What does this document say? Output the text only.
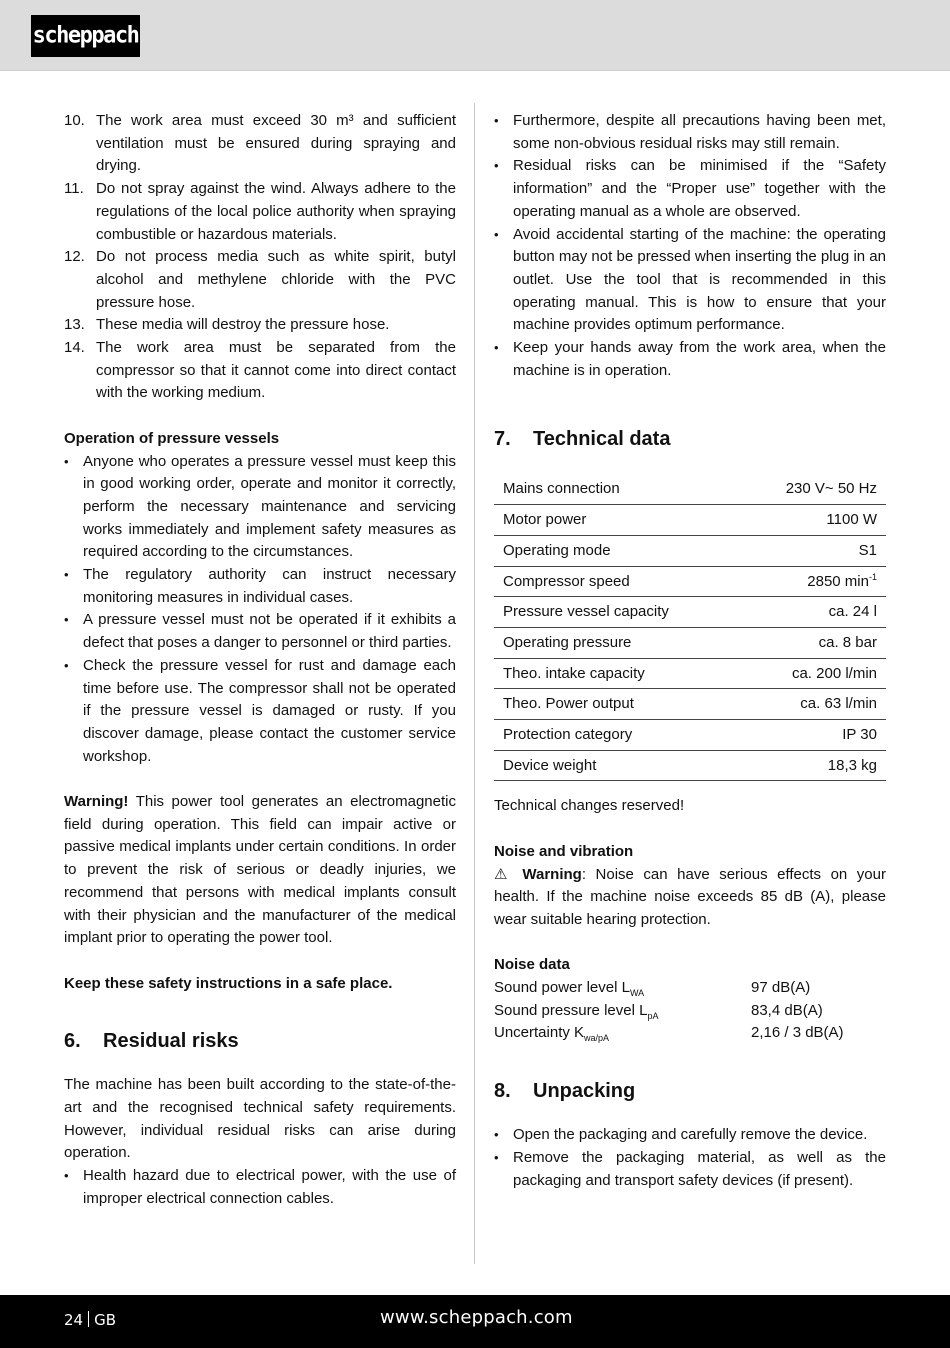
scheppach
10. The work area must exceed 30 m³ and sufficient ventilation must be ensured during spraying and drying.
11. Do not spray against the wind. Always adhere to the regulations of the local police authority when spraying combustible or hazardous materials.
12. Do not process media such as white spirit, butyl alcohol and methylene chloride with the PVC pressure hose.
13. These media will destroy the pressure hose.
14. The work area must be separated from the compressor so that it cannot come into direct contact with the working medium.
Operation of pressure vessels
• Anyone who operates a pressure vessel must keep this in good working order, operate and monitor it correctly, perform the necessary maintenance and servicing works immediately and implement safety measures as required according to the circumstances.
• The regulatory authority can instruct necessary monitoring measures in individual cases.
• A pressure vessel must not be operated if it exhibits a defect that poses a danger to personnel or third parties.
• Check the pressure vessel for rust and damage each time before use. The compressor shall not be operated if the pressure vessel is damaged or rusty. If you discover damage, please contact the customer service workshop.

Warning! This power tool generates an electromagnetic field during operation. This field can impair active or passive medical implants under certain conditions. In order to prevent the risk of serious or deadly injuries, we recommend that persons with medical implants consult with their physician and the manufacturer of the medical implant prior to operating the power tool.

Keep these safety instructions in a safe place.

6.	Residual risks

The machine has been built according to the state-of-the-art and the recognised technical safety requirements. However, individual residual risks can arise during operation.

• Health hazard due to electrical power, with the use of improper electrical connection cables.
• Furthermore, despite all precautions having been met, some non-obvious residual risks may still remain.
• Residual risks can be minimised if the “Safety information” and the “Proper use” together with the operating manual as a whole are observed.
• Avoid accidental starting of the machine: the operating button may not be pressed when inserting the plug in an outlet. Use the tool that is recommended in this operating manual. This is how to ensure that your machine provides optimum performance.
• Keep your hands away from the work area, when the machine is in operation.
7.	Technical data
Mains connection	230 V~ 50 Hz
Motor power	1100 W
Operating mode	S1
Compressor speed	2850 $\min^{-1}$
Pressure vessel capacity	ca. 24 l
Operating pressure	ca. 8 bar
Theo. intake capacity	ca. 200 l/min
Theo. Power output	ca. 63 l/min
Protection category	IP 30
Device weight	18,3 kg

Technical changes reserved!

Noise and vibration

⚠ Warning: Noise can have serious effects on your health. If the machine noise exceeds 85 dB (A), please wear suitable hearing protection.

Noise data
Sound power level $L_{WA}$	97 dB(A)
Sound pressure level $L_{pA}$	83,4 dB(A)
Uncertainty $K_{wa/pA}$	2,16 / 3 dB(A)
8.	Unpacking
• Open the packaging and carefully remove the device.
• Remove the packaging material, as well as the packaging and transport safety devices (if present).
24 GB	www.scheppach.com
